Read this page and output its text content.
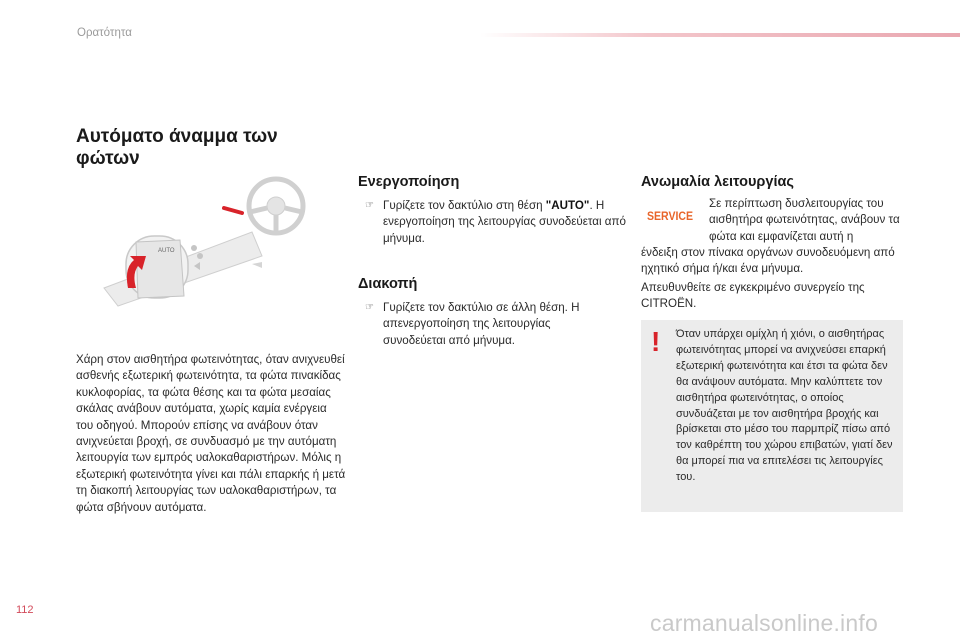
Ορατότητα
Αυτόματο άναμμα των φώτων
AUTO
Χάρη στον αισθητήρα φωτεινότητας, όταν ανιχνευθεί ασθενής εξωτερική φωτεινότητα, τα φώτα πινακίδας κυκλοφορίας, τα φώτα θέσης και τα φώτα μεσαίας σκάλας ανάβουν αυτόματα, χωρίς καμία ενέργεια του οδηγού. Μπορούν επίσης να ανάβουν όταν ανιχνεύεται βροχή, σε συνδυασμό με την αυτόματη λειτουργία των εμπρός υαλοκαθαριστήρων. Μόλις η εξωτερική φωτεινότητα γίνει και πάλι επαρκής ή μετά τη διακοπή λειτουργίας των υαλοκαθαριστήρων, τα φώτα σβήνουν αυτόματα.
Ενεργοποίηση
☞ Γυρίζετε τον δακτύλιο στη θέση "AUTO". Η ενεργοποίηση της λειτουργίας συνοδεύεται από μήνυμα.
Διακοπή
☞ Γυρίζετε τον δακτύλιο σε άλλη θέση. Η απενεργοποίηση της λειτουργίας συνοδεύεται από μήνυμα.
Ανωμαλία λειτουργίας
SERVICE
Σε περίπτωση δυσλειτουργίας του αισθητήρα φωτεινότητας, ανάβουν τα φώτα και εμφανίζεται αυτή η
ένδειξη στον πίνακα οργάνων συνοδευόμενη από ηχητικό σήμα ή/και ένα μήνυμα.
Απευθυνθείτε σε εγκεκριμένο συνεργείο της CITROËN.
! Όταν υπάρχει ομίχλη ή χιόνι, ο αισθητήρας φωτεινότητας μπορεί να ανιχνεύσει επαρκή εξωτερική φωτεινότητα και έτσι τα φώτα δεν θα ανάψουν αυτόματα. Μην καλύπτετε τον αισθητήρα φωτεινότητας, ο οποίος συνδυάζεται με τον αισθητήρα βροχής και βρίσκεται στο μέσο του παρμπρίζ πίσω από τον καθρέπτη του χώρου επιβατών, γιατί δεν θα μπορεί πια να επιτελέσει τις λειτουργίες του.
112	carmanualsonline.info
